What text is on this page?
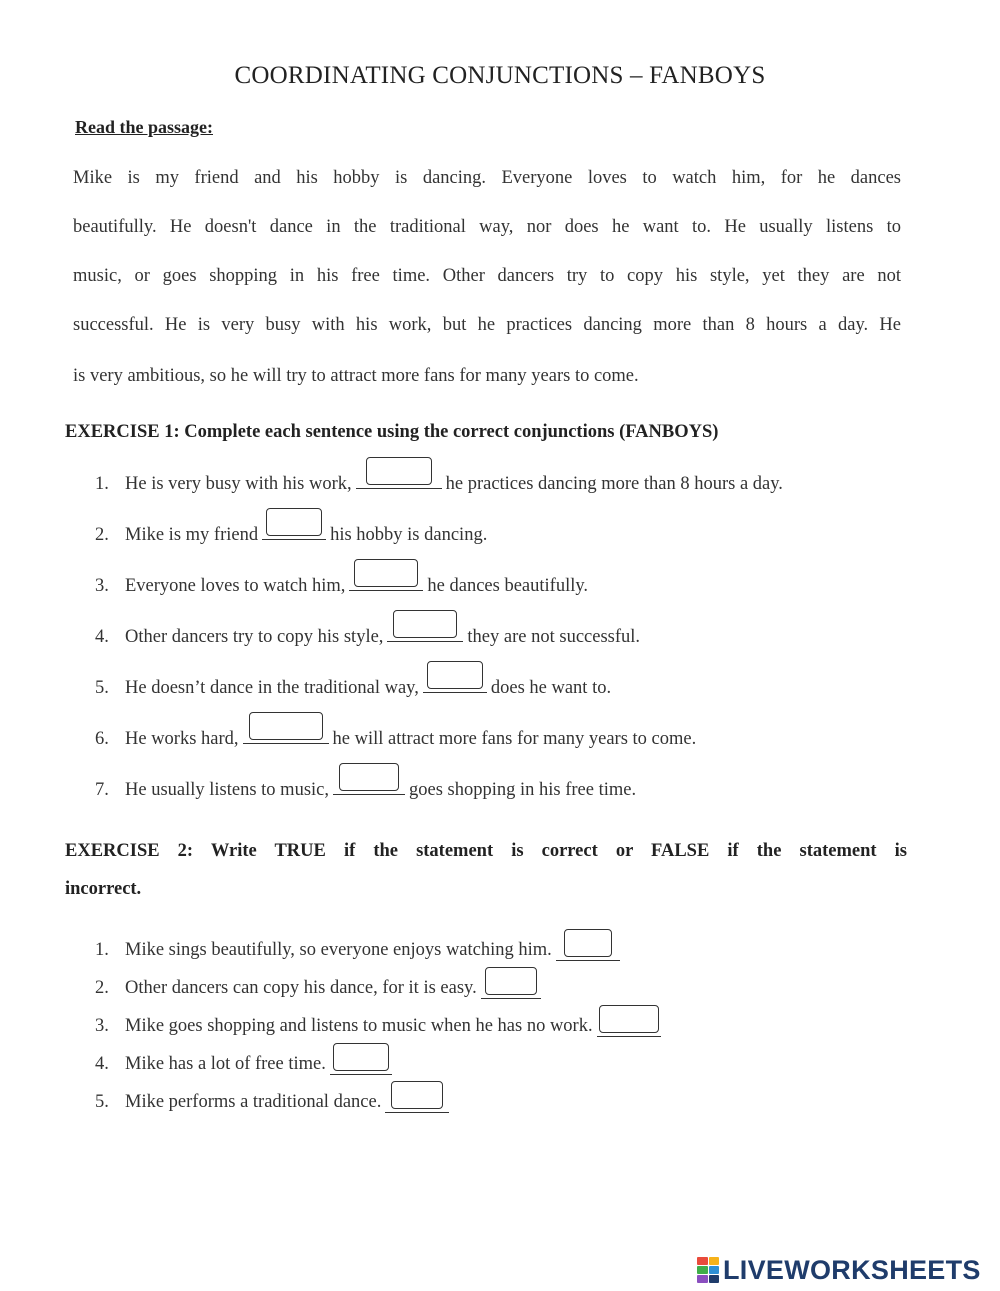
COORDINATING CONJUNCTIONS – FANBOYS
Read the passage:
Mike is my friend and his hobby is dancing. Everyone loves to watch him, for he dances
beautifully. He doesn't dance in the traditional way, nor does he want to. He usually listens to
music, or goes shopping in his free time. Other dancers try to copy his style, yet they are not
successful. He is very busy with his work, but he practices dancing more than 8 hours a day. He
is very ambitious, so he will try to attract more fans for many years to come.
EXERCISE 1: Complete each sentence using the correct conjunctions (FANBOYS)
1. He is very busy with his work,	he practices dancing more than 8 hours a day.
2. Mike is my friend	his hobby is dancing.
3. Everyone loves to watch him,	he dances beautifully.
4. Other dancers try to copy his style,	they are not successful.
5. He doesn’t dance in the traditional way,	does he want to.
6. He works hard,	he will attract more fans for many years to come.
7. He usually listens to music,	goes shopping in his free time.
EXERCISE 2: Write TRUE if the statement is correct or FALSE if the statement is
incorrect.
1. Mike sings beautifully, so everyone enjoys watching him.
2. Other dancers can copy his dance, for it is easy.
3. Mike goes shopping and listens to music when he has no work.
4. Mike has a lot of free time.
5. Mike performs a traditional dance.
LIVEWORKSHEETS
